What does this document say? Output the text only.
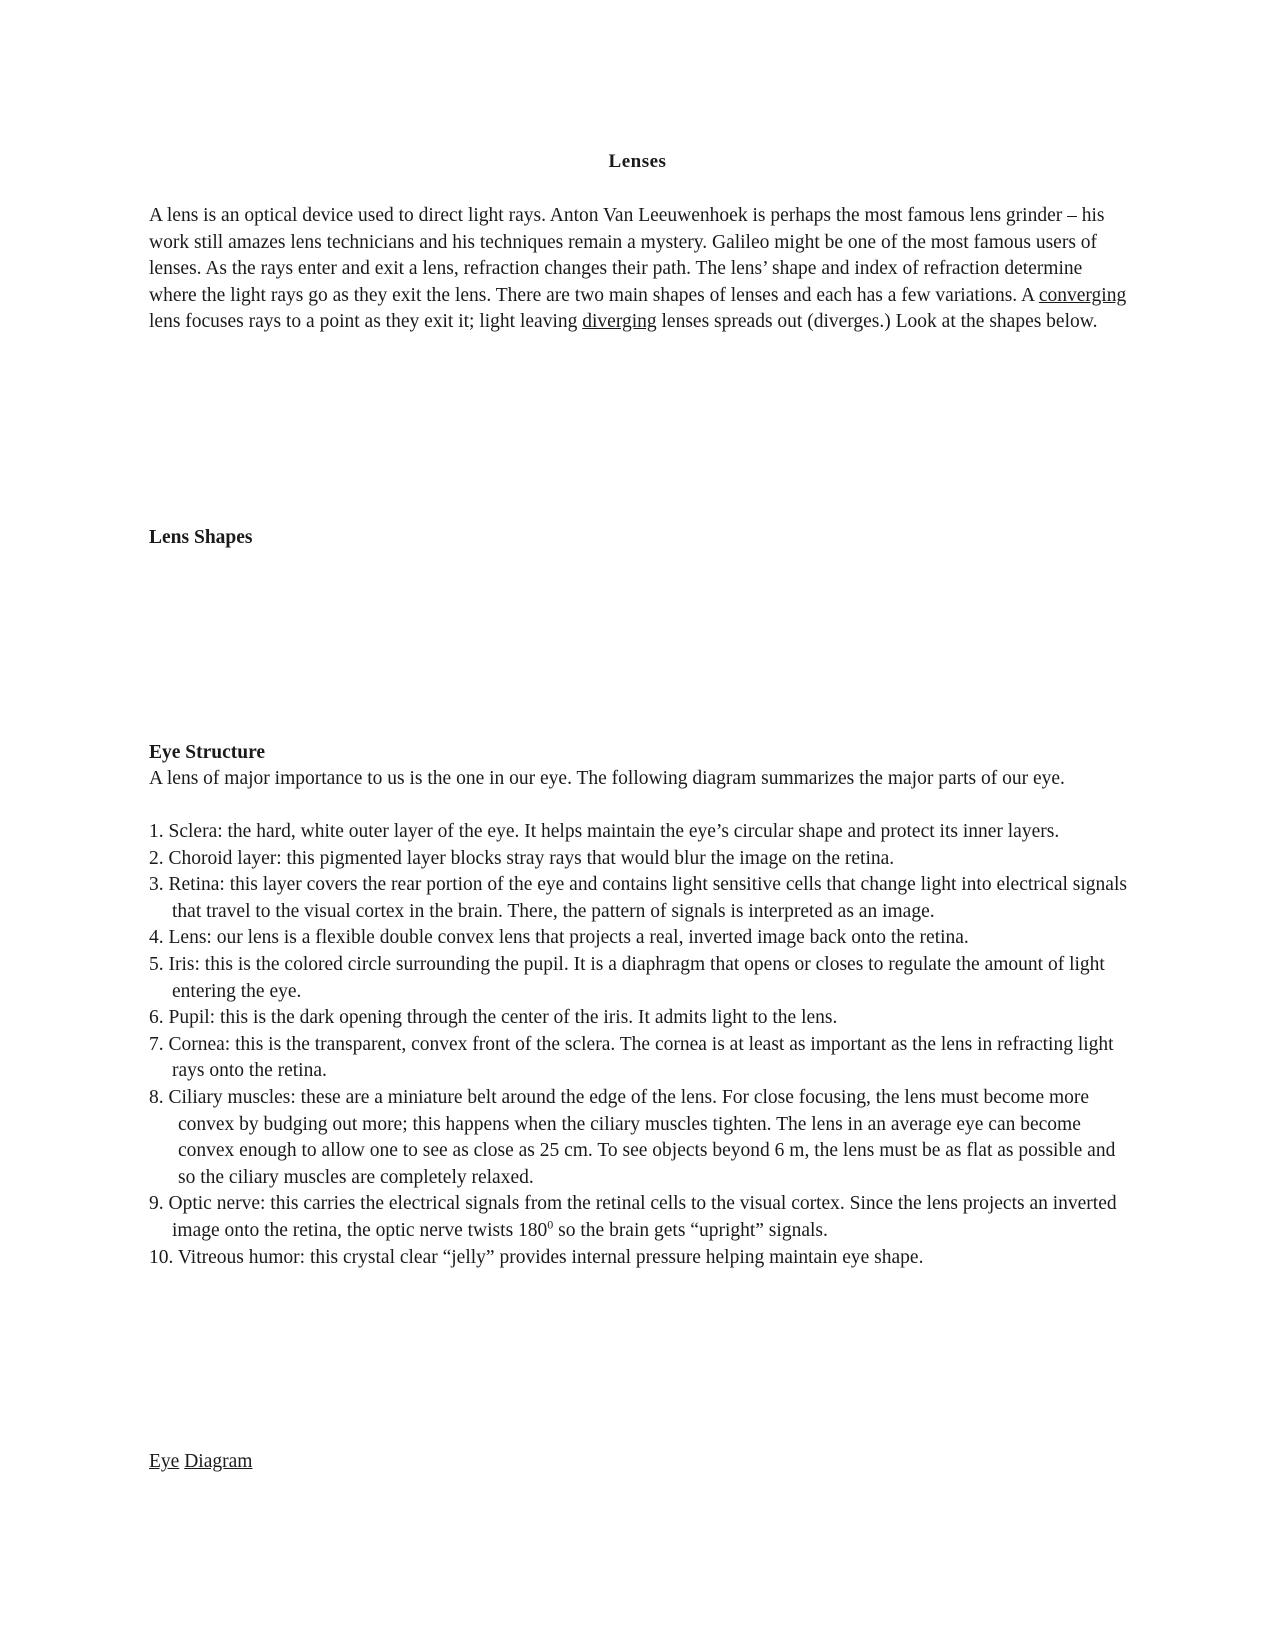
Lenses

A lens is an optical device used to direct light rays. Anton Van Leeuwenhoek is perhaps the most famous lens grinder – his work still amazes lens technicians and his techniques remain a mystery. Galileo might be one of the most famous users of lenses. As the rays enter and exit a lens, refraction changes their path. The lens’ shape and index of refraction determine where the light rays go as they exit the lens. There are two main shapes of lenses and each has a few variations. A converging lens focuses rays to a point as they exit it; light leaving diverging lenses spreads out (diverges.) Look at the shapes below.

Lens Shapes
Eye Structure

A lens of major importance to us is the one in our eye. The following diagram summarizes the major parts of our eye.

1. Sclera: the hard, white outer layer of the eye. It helps maintain the eye’s circular shape and protect its inner layers.
2. Choroid layer: this pigmented layer blocks stray rays that would blur the image on the retina.
3. Retina: this layer covers the rear portion of the eye and contains light sensitive cells that change light into electrical signals that travel to the visual cortex in the brain. There, the pattern of signals is interpreted as an image.
4. Lens: our lens is a flexible double convex lens that projects a real, inverted image back onto the retina.
5. Iris: this is the colored circle surrounding the pupil. It is a diaphragm that opens or closes to regulate the amount of light entering the eye.
6. Pupil: this is the dark opening through the center of the iris. It admits light to the lens.
7. Cornea: this is the transparent, convex front of the sclera. The cornea is at least as important as the lens in refracting light rays onto the retina.
8. Ciliary muscles: these are a miniature belt around the edge of the lens. For close focusing, the lens must become more convex by budging out more; this happens when the ciliary muscles tighten. The lens in an average eye can become convex enough to allow one to see as close as 25 cm. To see objects beyond 6 m, the lens must be as flat as possible and so the ciliary muscles are completely relaxed.
9. Optic nerve: this carries the electrical signals from the retinal cells to the visual cortex. Since the lens projects an inverted image onto the retina, the optic nerve twists $180^0$ so the brain gets “upright” signals.
10. Vitreous humor: this crystal clear “jelly” provides internal pressure helping maintain eye shape.
Eye Diagram
